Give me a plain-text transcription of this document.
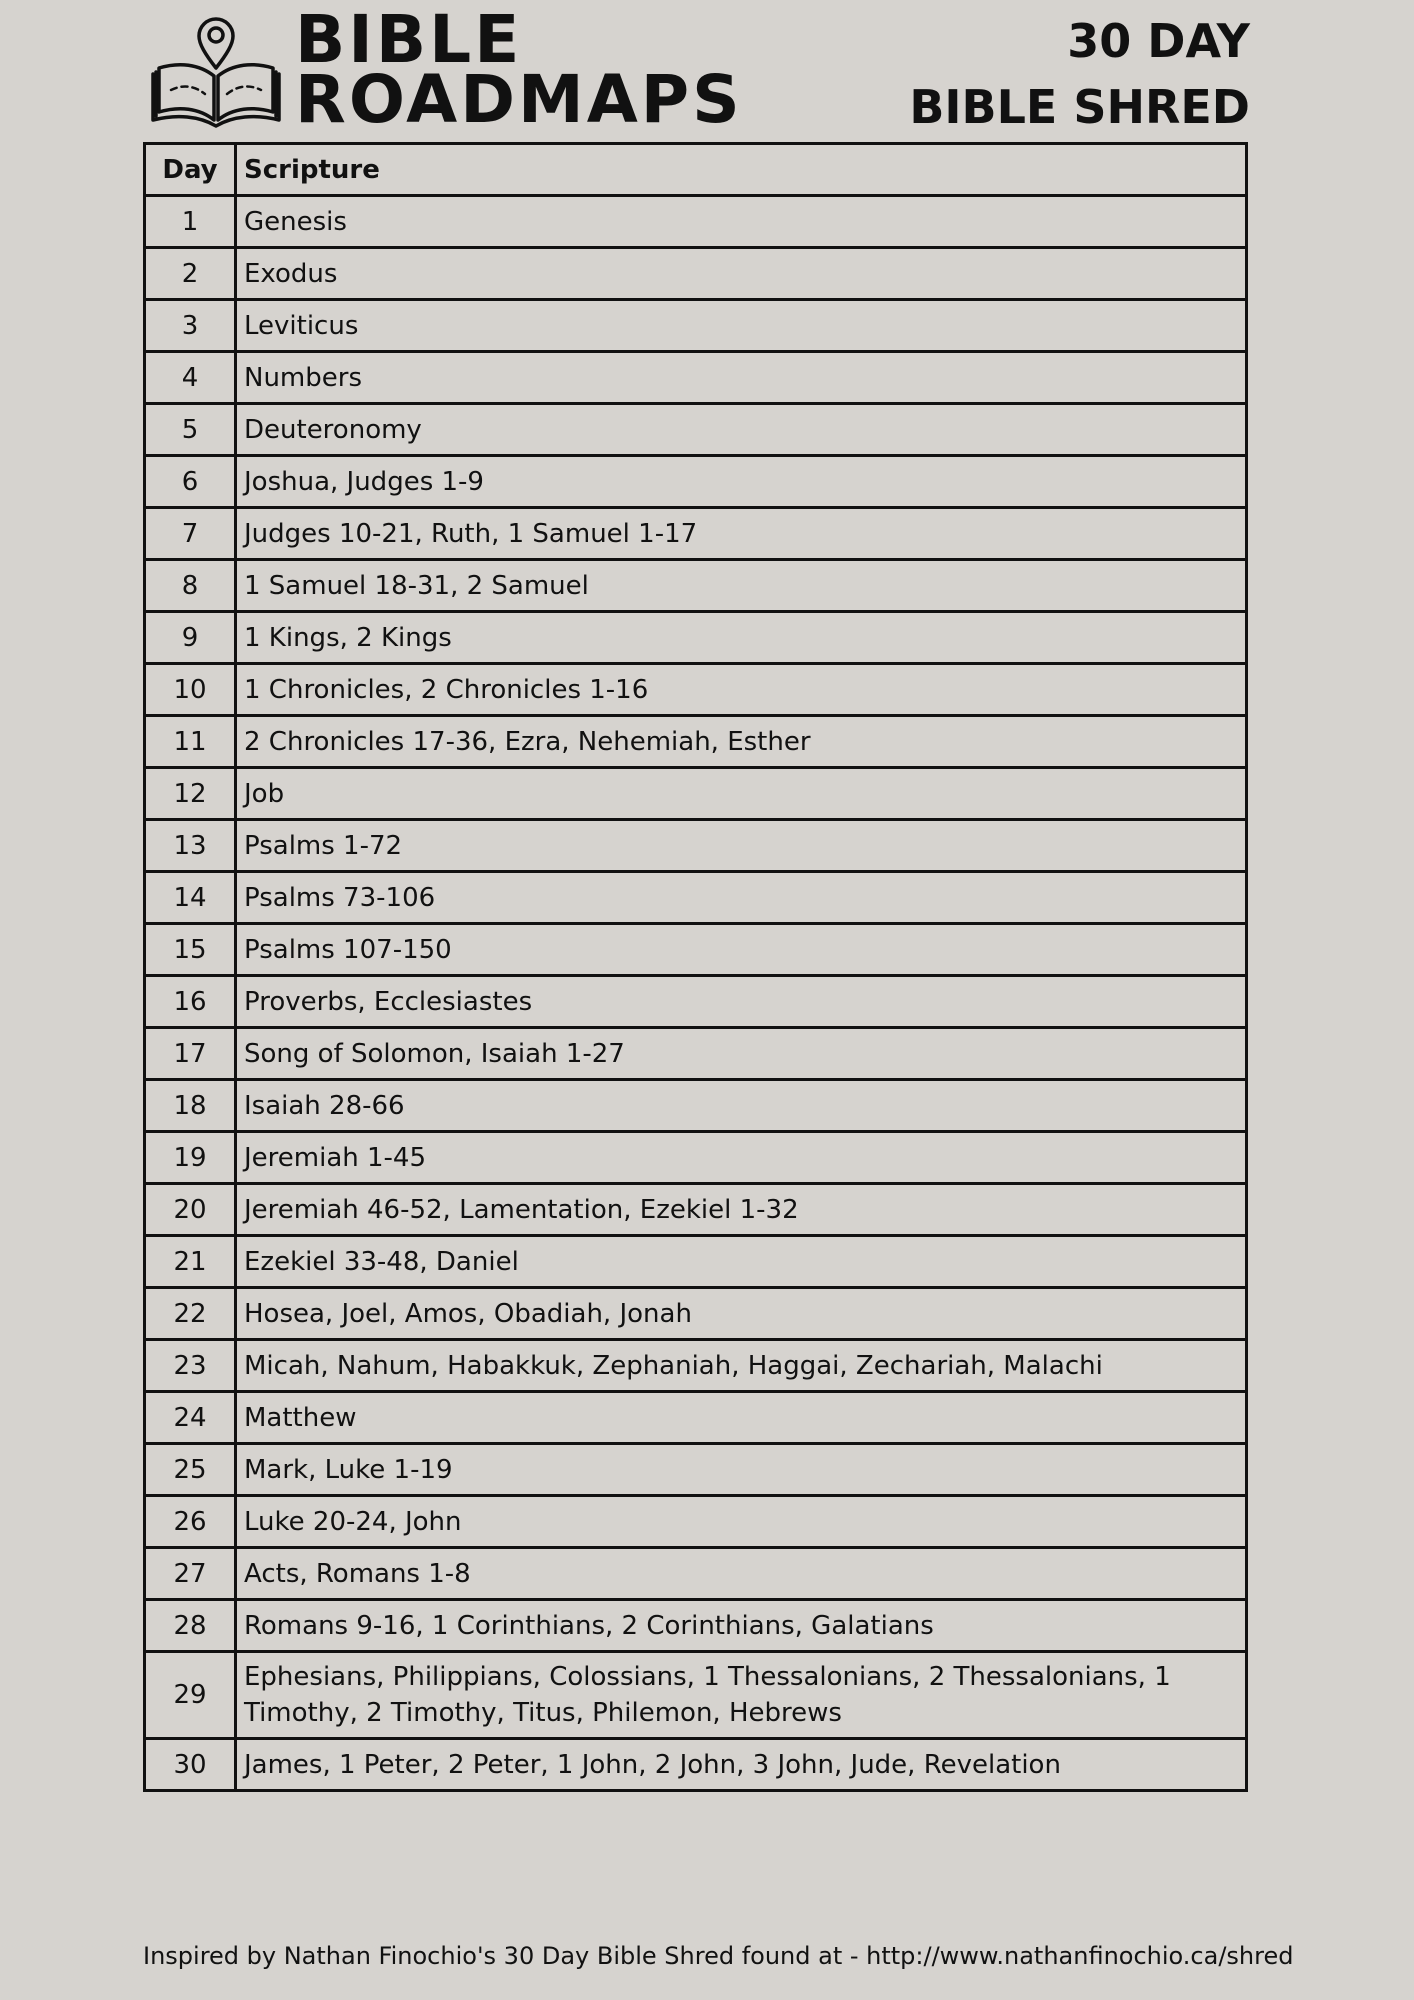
BIBLE
ROADMAPS
30 DAY
BIBLE SHRED
Day	Scripture
1	Genesis
2	Exodus
3	Leviticus
4	Numbers
5	Deuteronomy
6	Joshua, Judges 1-9
7	Judges 10-21, Ruth, 1 Samuel 1-17
8	1 Samuel 18-31, 2 Samuel
9	1 Kings, 2 Kings
10	1 Chronicles, 2 Chronicles 1-16
11	2 Chronicles 17-36, Ezra, Nehemiah, Esther
12	Job
13	Psalms 1-72
14	Psalms 73-106
15	Psalms 107-150
16	Proverbs, Ecclesiastes
17	Song of Solomon, Isaiah 1-27
18	Isaiah 28-66
19	Jeremiah 1-45
20	Jeremiah 46-52, Lamentation, Ezekiel 1-32
21	Ezekiel 33-48, Daniel
22	Hosea, Joel, Amos, Obadiah, Jonah
23	Micah, Nahum, Habakkuk, Zephaniah, Haggai, Zechariah, Malachi
24	Matthew
25	Mark, Luke 1-19
26	Luke 20-24, John
27	Acts, Romans 1-8
28	Romans 9-16, 1 Corinthians, 2 Corinthians, Galatians
29	Ephesians, Philippians, Colossians, 1 Thessalonians, 2 Thessalonians, 1 Timothy, 2 Timothy, Titus, Philemon, Hebrews
30	James, 1 Peter, 2 Peter, 1 John, 2 John, 3 John, Jude, Revelation
Inspired by Nathan Finochio's 30 Day Bible Shred found at - http://www.nathanfinochio.ca/shred
